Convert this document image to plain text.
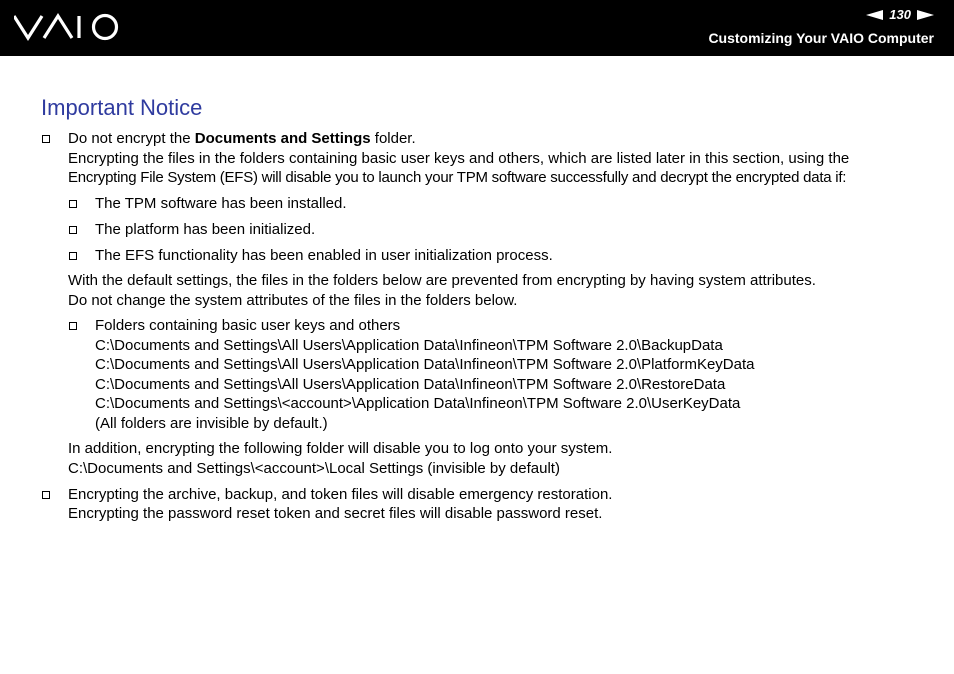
130
Customizing Your VAIO Computer
Important Notice
Do not encrypt the Documents and Settings folder.
Encrypting the files in the folders containing basic user keys and others, which are listed later in this section, using the
Encrypting File System (EFS) will disable you to launch your TPM software successfully and decrypt the encrypted data if:
The TPM software has been installed.
The platform has been initialized.
The EFS functionality has been enabled in user initialization process.
With the default settings, the files in the folders below are prevented from encrypting by having system attributes.
Do not change the system attributes of the files in the folders below.
Folders containing basic user keys and others
C:\Documents and Settings\All Users\Application Data\Infineon\TPM Software 2.0\BackupData
C:\Documents and Settings\All Users\Application Data\Infineon\TPM Software 2.0\PlatformKeyData
C:\Documents and Settings\All Users\Application Data\Infineon\TPM Software 2.0\RestoreData
C:\Documents and Settings\<account>\Application Data\Infineon\TPM Software 2.0\UserKeyData
(All folders are invisible by default.)
In addition, encrypting the following folder will disable you to log onto your system.
C:\Documents and Settings\<account>\Local Settings (invisible by default)
Encrypting the archive, backup, and token files will disable emergency restoration.
Encrypting the password reset token and secret files will disable password reset.
